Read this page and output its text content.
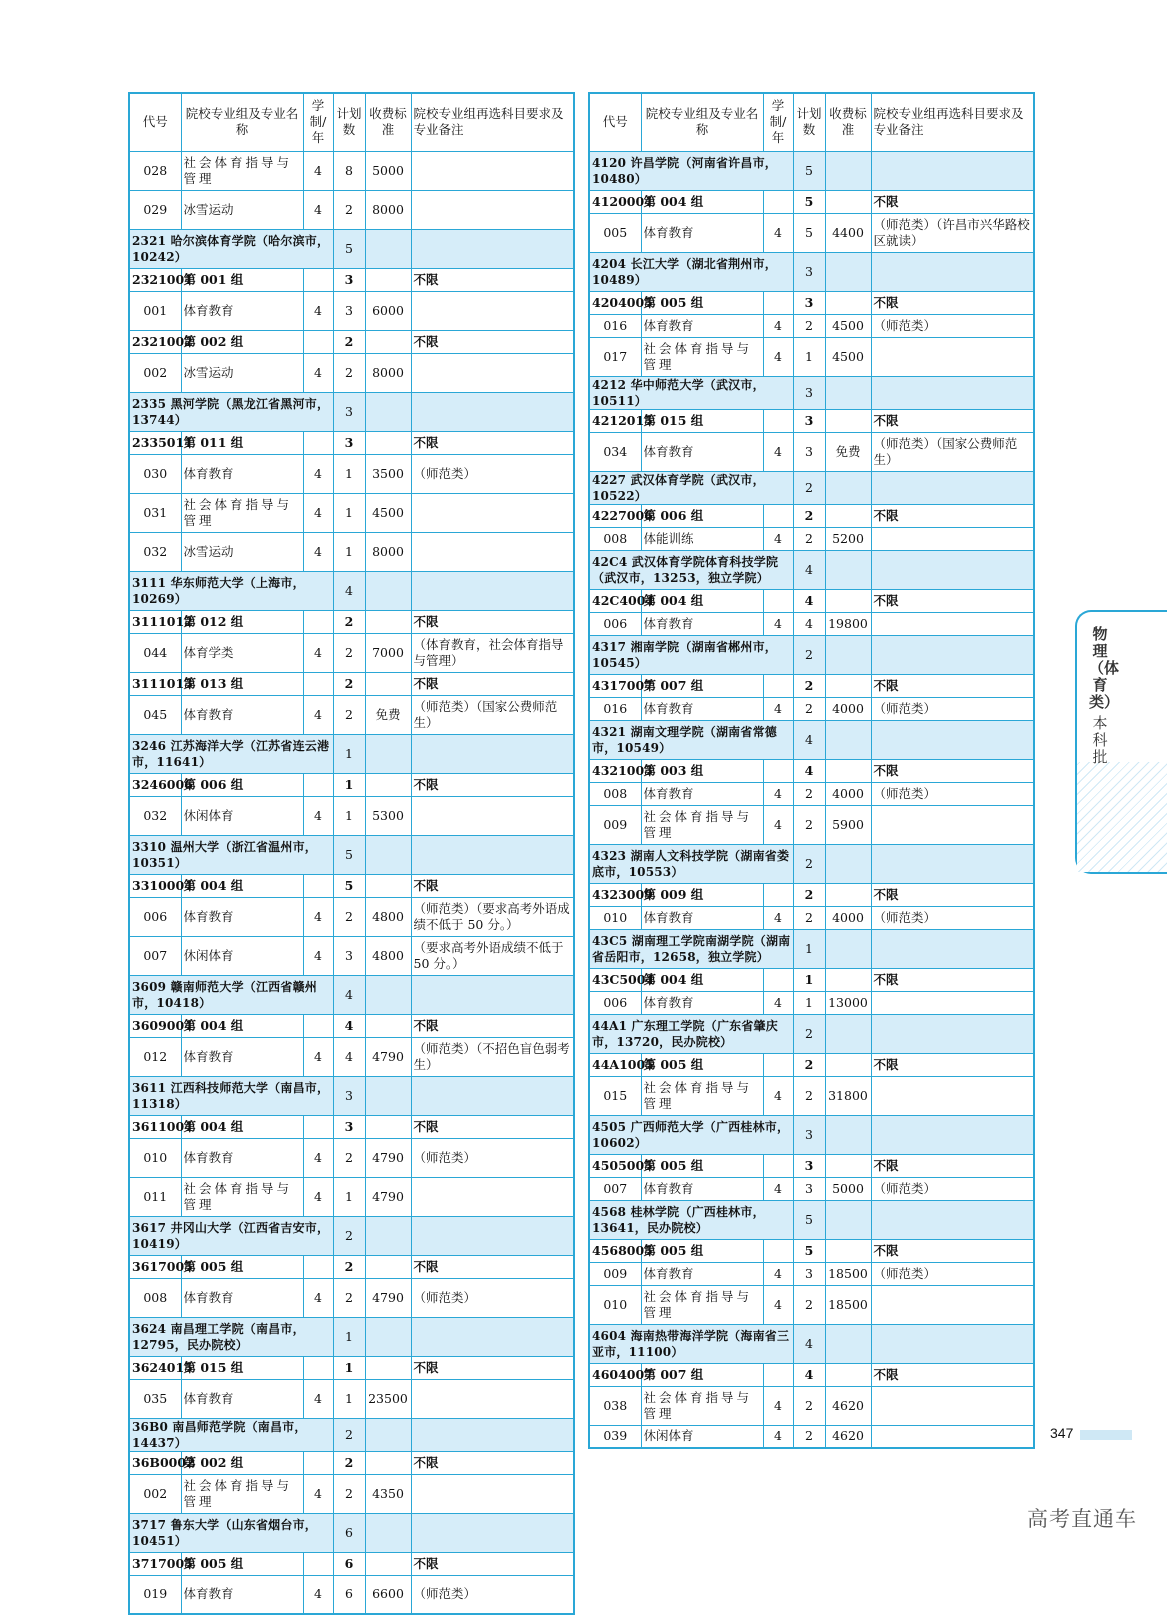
代号	院校专业组及专业名称	学制/年	计划数	收费标准	院校专业组再选科目要求及专业备注
028	社会体育指导与管理	4	8	5000	
029	冰雪运动	4	2	8000	
2321 哈尔滨体育学院（哈尔滨市，10242）			5		
2321001	第 001 组		3		不限
001	体育教育	4	3	6000	
2321002	第 002 组		2		不限
002	冰雪运动	4	2	8000	
2335 黑河学院（黑龙江省黑河市，13744）			3		
2335011	第 011 组		3		不限
030	体育教育	4	1	3500	（师范类）
031	社会体育指导与管理	4	1	4500	
032	冰雪运动	4	1	8000	
3111 华东师范大学（上海市，10269）			4		
3111012	第 012 组		2		不限
044	体育学类	4	2	7000	（体育教育，社会体育指导与管理）
3111013	第 013 组		2		不限
045	体育教育	4	2	免费	（师范类）（国家公费师范生）
3246 江苏海洋大学（江苏省连云港市，11641）			1		
3246006	第 006 组		1		不限
032	休闲体育	4	1	5300	
3310 温州大学（浙江省温州市，10351）			5		
3310004	第 004 组		5		不限
006	体育教育	4	2	4800	（师范类）（要求高考外语成绩不低于 50 分。）
007	休闲体育	4	3	4800	（要求高考外语成绩不低于 50 分。）
3609 赣南师范大学（江西省赣州市，10418）			4		
3609004	第 004 组		4		不限
012	体育教育	4	4	4790	（师范类）（不招色盲色弱考生）
3611 江西科技师范大学（南昌市，11318）			3		
3611004	第 004 组		3		不限
010	体育教育	4	2	4790	（师范类）
011	社会体育指导与管理	4	1	4790	
3617 井冈山大学（江西省吉安市，10419）			2		
3617005	第 005 组		2		不限
008	体育教育	4	2	4790	（师范类）
3624 南昌理工学院（南昌市，12795，民办院校）			1		
3624015	第 015 组		1		不限
035	体育教育	4	1	23500	
36B0 南昌师范学院（南昌市，14437）			2		
36B0002	第 002 组		2		不限
002	社会体育指导与管理	4	2	4350	
3717 鲁东大学（山东省烟台市，10451）			6		
3717005	第 005 组		6		不限
019	体育教育	4	6	6600	（师范类）
代号	院校专业组及专业名称	学制/年	计划数	收费标准	院校专业组再选科目要求及专业备注
4120 许昌学院（河南省许昌市，10480）			5		
4120004	第 004 组		5		不限
005	体育教育	4	5	4400	（师范类）（许昌市兴华路校区就读）
4204 长江大学（湖北省荆州市，10489）			3		
4204005	第 005 组		3		不限
016	体育教育	4	2	4500	（师范类）
017	社会体育指导与管理	4	1	4500	
4212 华中师范大学（武汉市，10511）			3		
4212015	第 015 组		3		不限
034	体育教育	4	3	免费	（师范类）（国家公费师范生）
4227 武汉体育学院（武汉市，10522）			2		
4227006	第 006 组		2		不限
008	体能训练	4	2	5200	
42C4 武汉体育学院体育科技学院（武汉市，13253，独立学院）			4		
42C4004	第 004 组		4		不限
006	体育教育	4	4	19800	
4317 湘南学院（湖南省郴州市，10545）			2		
4317007	第 007 组		2		不限
016	体育教育	4	2	4000	（师范类）
4321 湖南文理学院（湖南省常德市，10549）			4		
4321003	第 003 组		4		不限
008	体育教育	4	2	4000	（师范类）
009	社会体育指导与管理	4	2	5900	
4323 湖南人文科技学院（湖南省娄底市，10553）			2		
4323009	第 009 组		2		不限
010	体育教育	4	2	4000	（师范类）
43C5 湖南理工学院南湖学院（湖南省岳阳市，12658，独立学院）			1		
43C5004	第 004 组		1		不限
006	体育教育	4	1	13000	
44A1 广东理工学院（广东省肇庆市，13720，民办院校）			2		
44A1005	第 005 组		2		不限
015	社会体育指导与管理	4	2	31800	
4505 广西师范大学（广西桂林市，10602）			3		
4505005	第 005 组		3		不限
007	体育教育	4	3	5000	（师范类）
4568 桂林学院（广西桂林市，13641，民办院校）			5		
4568005	第 005 组		5		不限
009	体育教育	4	3	18500	（师范类）
010	社会体育指导与管理	4	2	18500	
4604 海南热带海洋学院（海南省三亚市，11100）			4		
4604007	第 007 组		4		不限
038	社会体育指导与管理	4	2	4620	
039	休闲体育	4	2	4620	
物理（体育类）
本科批
347
高考直通车
